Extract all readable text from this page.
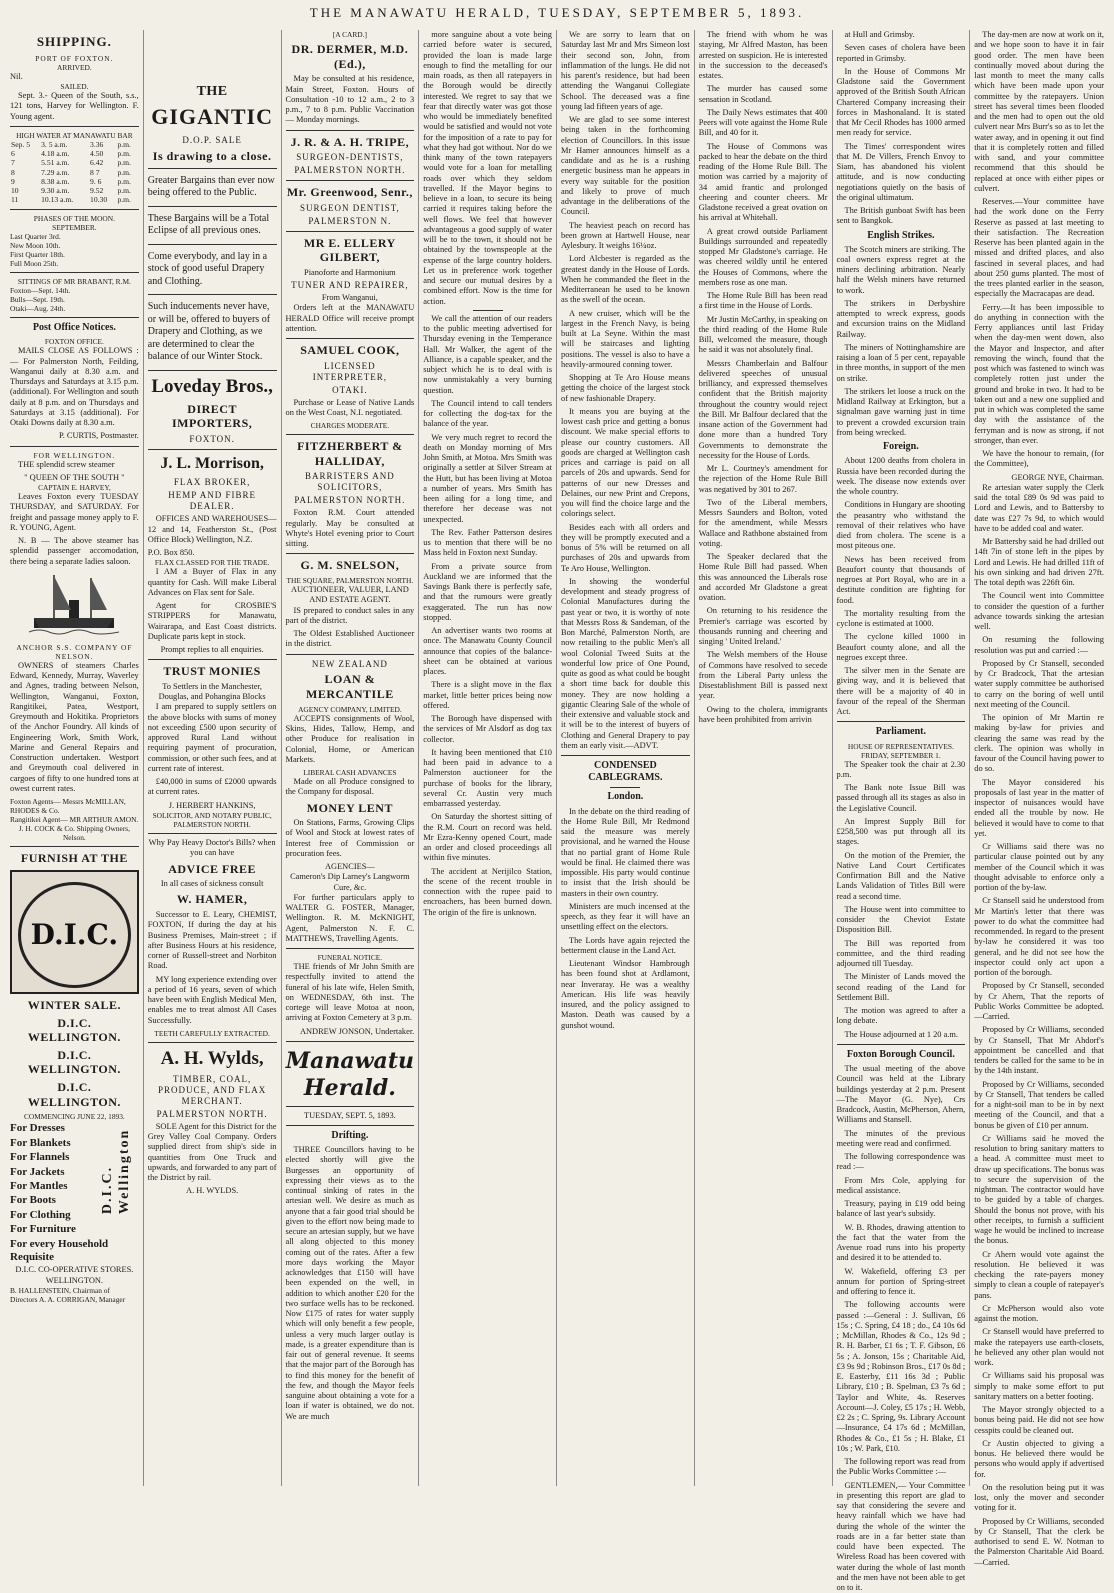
THE MANAWATU HERALD, TUESDAY, SEPTEMBER 5, 1893.
SHIPPING.
PORT OF FOXTON.
ARRIVED.
Nil.
SAILED.

Sept. 3.- Queen of the South, s.s., 121 tons, Harvey for Wellington. F. Young agent.

HIGH WATER AT MANAWATU BAR
Sep. 5	3. 5 a.m.	3.36	p.m.
6	4.18 a.m.	4.50	p.m.
7	5.51 a.m.	6.42	p.m.
8	7.29 a.m.	8 7	p.m.
9	8.38 a.m.	9. 6	p.m.
10	9.30 a.m.	9.52	p.m.
11	10.13 a.m.	10.30	p.m.
PHASES OF THE MOON.
SEPTEMBER.
Last Quarter 3rd.
New Moon 10th.
First Quarter 18th.
Full Moon 25th.
SITTINGS OF MR BRABANT, R.M.
Foxton—Sept. 14th.
Bulls—Sept. 19th.
Otaki—Aug. 24th.
Post Office Notices.
FOXTON OFFICE.

MAILS CLOSE AS FOLLOWS :— For Palmerston North, Feilding, Wanganui daily at 8.30 a.m. and Thursdays and Saturdays at 3.15 p.m. (additional). For Wellington and south daily at 8 p.m. and on Thursdays and Saturdays at 3.15 (additional). For Otaki Downs daily at 8.30 a.m.

P. CURTIS, Postmaster.
FOR WELLINGTON.

THE splendid screw steamer

" QUEEN OF THE SOUTH "
CAPTAIN E. HARVEY,

Leaves Foxton every TUESDAY THURSDAY, and SATURDAY. For freight and passage money apply to F. R. YOUNG, Agent.

N. B — The above steamer has splendid passenger accomodation, there being a separate ladies saloon.

ANCHOR S.S. COMPANY OF NELSON.

OWNERS of steamers Charles Edward, Kennedy, Murray, Waverley and Agnes, trading between Nelson, Wellington, Wanganui, Foxton, Rangitikei, Patea, Westport, Greymouth and Hokitika. Proprietors of the Anchor Foundry. All kinds of Engineering Work, Smith Work, Marine and General Repairs and Construction undertaken. Westport and Greymouth coal delivered in cargoes of fifty to one hundred tons at owest current rates.

Foxton Agents— Messrs McMILLAN, RHODES & Co.
Rangitikei Agent— MR ARTHUR AMON.
J. H. COCK & Co. Shipping Owners, Nelson.
FURNISH AT THE
D.I.C.
WINTER SALE.
D.I.C. WELLINGTON.
D.I.C. WELLINGTON.
D.I.C. WELLINGTON.
COMMENCING JUNE 22, 1893.
For Dresses
For Blankets
For Flannels
For Jackets
For Mantles
For Boots
For Clothing
For Furniture
For every Household Requisite
D.I.C. Wellington
D.I.C. CO-OPERATIVE STORES. WELLINGTON.
B. HALLENSTEIN, Chairman of Directors A. A. CORRIGAN, Manager
THE
GIGANTIC
D.O.P. SALE
Is drawing to a close.
Greater Bargains than ever now being offered to the Public.
These Bargains will be a Total Eclipse of all previous ones.
Come everybody, and lay in a stock of good useful Drapery and Clothing.
Such inducements never have, or will be, offered to buyers of Drapery and Clothing, as we are determined to clear the balance of our Winter Stock.
Loveday Bros.,
DIRECT IMPORTERS,
FOXTON.
J. L. Morrison,
FLAX BROKER,
HEMP AND FIBRE DEALER.

OFFICES AND WAREHOUSES— 12 and 14, Featherston St., (Post Office Block) Wellington, N.Z.

P.O. Box 850.
FLAX CLASSED FOR THE TRADE.

I AM a Buyer of Flax in any quantity for Cash. Will make Liberal Advances on Flax sent for Sale.

Agent for CROSBIE'S STRIPPERS for Manawatu, Wairarapa, and East Coast districts. Duplicate parts kept in stock.

Prompt replies to all enquiries.
TRUST MONIES
To Settlers in the Manchester, Douglas, and Pohangina Blocks

I am prepared to supply settlers on the above blocks with sums of money not exceeding £500 upon security of approved Rural Land without requiring payment of procuration, commission, or other such fees, and at current rate of interest.

£40,000 in sums of £2000 upwards at current rates.

J. HERBERT HANKINS,
SOLICITOR, AND NOTARY PUBLIC, PALMERSTON NORTH.
Why Pay Heavy Doctor's Bills? when you can have
ADVICE FREE
In all cases of sickness consult
W. HAMER,

Successor to E. Leary, CHEMIST, FOXTON, If during the day at his Business Premises, Main-street ; if after Business Hours at his residence, corner of Russell-street and Norbiton Road.

MY long experience extending over a period of 16 years, seven of which have been with English Medical Men, enables me to treat almost All Cases Successfully.

TEETH CAREFULLY EXTRACTED.
A. H. Wylds,
TIMBER, COAL, PRODUCE, AND FLAX MERCHANT.
PALMERSTON NORTH.

SOLE Agent for this District for the Grey Valley Coal Company. Orders supplied direct from ship's side in quantities from One Truck and upwards, and forwarded to any part of the District by rail.

A. H. WYLDS.
[A CARD.]
DR. DERMER, M.D. (Ed.),

May be consulted at his residence, Main Street, Foxton. Hours of Consultation -10 to 12 a.m., 2 to 3 p.m., 7 to 8 p.m. Public Vaccination — Monday mornings.

J. R. & A. H. TRIPE,
SURGEON-DENTISTS,
PALMERSTON NORTH.
Mr. Greenwood, Senr.,
SURGEON DENTIST,
PALMERSTON N.
MR E. ELLERY GILBERT,
Pianoforte and Harmonium
TUNER AND REPAIRER,
From Wanganui,

Orders left at the MANAWATU HERALD Office will receive prompt attention.

SAMUEL COOK,
LICENSED INTERPRETER,
OTAKI.

Purchase or Lease of Native Lands on the West Coast, N.I. negotiated.

CHARGES MODERATE.
FITZHERBERT & HALLIDAY,
BARRISTERS AND SOLICITORS,
PALMERSTON NORTH.

Foxton R.M. Court attended regularly. May be consulted at Whyte's Hotel evening prior to Court sitting.

G. M. SNELSON,
THE SQUARE, PALMERSTON NORTH.
AUCTIONEER, VALUER, LAND AND ESTATE AGENT.

IS prepared to conduct sales in any part of the district.

The Oldest Established Auctioneer in the district.

NEW ZEALAND
LOAN & MERCANTILE
AGENCY COMPANY, LIMITED.

ACCEPTS consignments of Wool, Skins, Hides, Tallow, Hemp, and other Produce for realisation in Colonial, Home, or American Markets.

LIBERAL CASH ADVANCES

Made on all Produce consigned to the Company for disposal.

MONEY LENT

On Stations, Farms, Growing Clips of Wool and Stock at lowest rates of Interest free of Commission or procuration fees.

AGENCIES—
Cameron's Dip Larney's Langworm Cure, &c.

For further particulars apply to WALTER G. FOSTER, Manager, Wellington. R. M. McKNIGHT, Agent, Palmerston N. F. C. MATTHEWS, Travelling Agents.

FUNERAL NOTICE.

THE friends of Mr John Smith are respectfully invited to attend the funeral of his late wife, Helen Smith, on WEDNESDAY, 6th inst. The cortege will leave Motoa at noon, arriving at Foxton Cemetery at 3 p.m.

ANDREW JONSON, Undertaker.
Manawatu Herald.
TUESDAY, SEPT. 5, 1893.
Drifting.

THREE Councillors having to be elected shortly will give the Burgesses an opportunity of expressing their views as to the continual sinking of rates in the artesian well. We desire as much as anyone that a fair good trial should be given to the effort now being made to secure an artesian supply, but we have all along objected to this money coming out of the rates. After a few more days working the Mayor acknowledges that £150 will have been expended on the well, in addition to which another £20 for the two surface wells has to be reckoned. Now £175 of rates for water supply which will only benefit a few people, unless a very much larger outlay is made, is a greater expenditure than is fair out of general revenue. It seems that the major part of the Borough has to find this money for the benefit of the few, and though the Mayor feels sanguine about obtaining a vote for a loan if water is obtained, we do not. We are much

more sanguine about a vote being carried before water is secured, provided the loan is made large enough to find the metalling for our main roads, as then all ratepayers in the Borough would be directly interested. We regret to say that we fear that directly water was got those who would be immediately benefited would be satisfied and would not vote for the imposition of a rate to pay for what they had got without. Nor do we think many of the town ratepayers would vote for a loan for metalling roads over which they seldom travelled. If the Mayor begins to believe in a loan, to secure its being carried it requires taking before the well flows. We feel that however advantageous a good supply of water will be to the town, it should not be obtained by the townspeople at the expense of the large country holders. Let us in preference work together and secure our mutual desires by a combined effort. Now is the time for action.

We call the attention of our readers to the public meeting advertised for Thursday evening in the Temperance Hall. Mr Walker, the agent of the Alliance, is a capable speaker, and the subject which he is to deal with is now unmistakably a very burning question.

The Council intend to call tenders for collecting the dog-tax for the balance of the year.

We very much regret to record the death on Monday morning of Mrs John Smith, at Motoa. Mrs Smith was originally a settler at Silver Stream at the Hutt, but has been living at Motoa a number of years. Mrs Smith has been ailing for a long time, and therefore her decease was not unexpected.

The Rev. Father Patterson desires us to mention that there will be no Mass held in Foxton next Sunday.

From a private source from Auckland we are informed that the Savings Bank there is perfectly safe, and that the rumours were greatly exaggerated. The run has now stopped.

An advertiser wants two rooms at once. The Manawatu County Council announce that copies of the balance-sheet can be obtained at various places.

There is a slight move in the flax market, little better prices being now offered.

The Borough have dispensed with the services of Mr Alsdorf as dog tax collector.

It having been mentioned that £10 had been paid in advance to a Palmerston auctioneer for the purchase of books for the library, several Cr. Austin very much embarrassed yesterday.

On Saturday the shortest sitting of the R.M. Court on record was held. Mr Ezra-Kenny opened Court, made an order and closed proceedings all within five minutes.

The accident at Nerijilco Station, the scene of the recent trouble in connection with the rupee paid to encroachers, has been burned down. The origin of the fire is unknown.

We are sorry to learn that on Saturday last Mr and Mrs Simeon lost their second son, John, from inflammation of the lungs. He did not his parent's residence, but had been attending the Wanganui Collegiate School. The deceased was a fine young lad fifteen years of age.

We are glad to see some interest being taken in the forthcoming election of Councillors. In this issue Mr Hamer announces himself as a candidate and as he is a rushing energetic business man he appears in every way suitable for the position and likely to prove of much advantage in the deliberations of the Council.

The heaviest peach on record has been grown at Hartwell House, near Aylesbury. It weighs 16¼oz.

Lord Alcbester is regarded as the greatest dandy in the House of Lords. When he commanded the fleet in the Mediterranean he used to be known as the swell of the ocean.

A new cruiser, which will be the largest in the French Navy, is being built at La Seyne. Within the mast will be staircases and lighting positions. The vessel is also to have a heavily-armoured conning tower.

Shopping at Te Aro House means getting the choice of the largest stock of new fashionable Drapery.

It means you are buying at the lowest cash price and getting a bonus discount. We make special efforts to please our country customers. All goods are charged at Wellington cash prices and carriage is paid on all parcels of 20s and upwards. Send for patterns of our new Dresses and Delaines, our new Print and Crepons, you will find the choice large and the colorings select.

Besides each with all orders and they will be promptly executed and a bonus of 5% will be returned on all purchases of 20s and upwards from Te Aro House, Wellington.

In showing the wonderful development and steady progress of Colonial Manufactures during the past year or two, it is worthy of note that Messrs Ross & Sandeman, of the Bon Marché, Palmerston North, are now retailing to the public Men's all wool Colonial Tweed Suits at the wonderful low price of One Pound, quite as good as what could be bought a short time back for double this money. They are now holding a gigantic Clearing Sale of the whole of their extensive and valuable stock and it will be to the interest of buyers of Clothing and General Drapery to pay them an early visit.—ADVT.

CONDENSED CABLEGRAMS.
London.

In the debate on the third reading of the Home Rule Bill, Mr Redmond said the measure was merely provisional, and he warned the House that no partial grant of Home Rule would be final. He claimed there was impossible. His party would continue to insist that the Irish should be masters in their own country.

Ministers are much incensed at the speech, as they fear it will have an unsettling effect on the electors.

The Lords have again rejected the betterment clause in the Land Act.

Lieutenant Windsor Hambrough has been found shot at Ardlamont, near Inveraray. He was a wealthy American. His life was heavily insured, and the policy assigned to Maston. Death was caused by a gunshot wound.

The friend with whom he was staying, Mr Alfred Maston, has been arrested on suspicion. He is interested in the succession to the deceased's estates.

The murder has caused some sensation in Scotland.

The Daily News estimates that 400 Peers will vote against the Home Rule Bill, and 40 for it.

The House of Commons was packed to hear the debate on the third reading of the Home Rule Bill. The motion was carried by a majority of 34 amid frantic and prolonged cheering and counter cheers. Mr Gladstone received a great ovation on his arrival at Whitehall.

A great crowd outside Parliament Buildings surrounded and repeatedly stopped Mr Gladstone's carriage. He was cheered wildly until he entered the Houses of Commons, where the members rose as one man.

The Home Rule Bill has been read a first time in the House of Lords.

Mr Justin McCarthy, in speaking on the third reading of the Home Rule Bill, welcomed the measure, though he said it was not absolutely final.

Messrs Chamberlain and Balfour delivered speeches of unusual brilliancy, and expressed themselves confident that the British majority throughout the country would reject the Bill. Mr Balfour declared that the insane action of the Government had done more than a hundred Tory Governments to demonstrate the necessity for the House of Lords.

Mr L. Courtney's amendment for the rejection of the Home Rule Bill was negatived by 301 to 267.

Two of the Liberal members, Messrs Saunders and Bolton, voted for the amendment, while Messrs Wallace and Rathbone abstained from voting.

The Speaker declared that the Home Rule Bill had passed. When this was announced the Liberals rose and accorded Mr Gladstone a great ovation.

On returning to his residence the Premier's carriage was escorted by thousands running and cheering and singing ' United Ireland.'

The Welsh members of the House of Commons have resolved to secede from the Liberal Party unless the Disestablishment Bill is passed next year.

Owing to the cholera, immigrants have been prohibited from arrivin

at Hull and Grimsby.

Seven cases of cholera have been reported in Grimsby.

In the House of Commons Mr Gladstone said the Government approved of the British South African Chartered Company increasing their forces in Mashonaland. It is stated that Mr Cecil Rhodes has 1000 armed men ready for service.

The Times' correspondent wires that M. De Villers, French Envoy to Siam, has abandoned his violent attitude, and is now conducting negotiations quietly on the basis of the original ultimatum.

The British gunboat Swift has been sent to Bangkok.

English Strikes.

The Scotch miners are striking. The coal owners express regret at the miners declining arbitration. Nearly half the Welsh miners have returned to work.

The strikers in Derbyshire attempted to wreck express, goods and excursion trains on the Midland Railway.

The miners of Nottinghamshire are raising a loan of 5 per cent, repayable in three months, in support of the men on strike.

The strikers let loose a truck on the Midland Railway at Erkington, but a signalman gave warning just in time to prevent a crowded excursion train from being wrecked.

Foreign.

About 1200 deaths from cholera in Russia have been recorded during the week. The disease now extends over the whole country.

Conditions in Hungary are shooting the peasantry who withstand the removal of their relatives who have died from cholera. The scene is a most piteous one.

News has been received from Beaufort county that thousands of negroes at Port Royal, who are in a destitute condition are fighting for food.

The mortality resulting from the cyclone is estimated at 1000.

The cyclone killed 1000 in Beaufort county alone, and all the negroes except three.

The silver men in the Senate are giving way, and it is believed that there will be a majority of 40 in favour of the repeal of the Sherman Act.

Parliament.
HOUSE OF REPRESENTATIVES.
FRIDAY, SEPTEMBER 1.

The Speaker took the chair at 2.30 p.m.

The Bank note Issue Bill was passed through all its stages as also in the Legislative Council.

An Imprest Supply Bill for £258,500 was put through all its stages.

On the motion of the Premier, the Native Land Court Certificates Confirmation Bill and the Native Lands Validation of Titles Bill were read a second time.

The House went into committee to consider the Cheviot Estate Disposition Bill.

The Bill was reported from committee, and the third reading adjourned till Tuesday.

The Minister of Lands moved the second reading of the Land for Settlement Bill.

The motion was agreed to after a long debate.

The House adjourned at 1 20 a.m.

Foxton Borough Council.

The usual meeting of the above Council was held at the Library buildings yesterday at 2 p.m. Present—The Mayor (G. Nye), Crs Bradcock, Austin, McPherson, Ahern, Williams and Stansell.

The minutes of the previous meeting were read and confirmed.

The following correspondence was read :—

From Mrs Cole, applying for medical assistance.

Treasury, paying in £19 odd being balance of last year's subsidy.

W. B. Rhodes, drawing attention to the fact that the water from the Avenue road runs into his property and desired it to be attended to.

W. Wakefield, offering £3 per annum for portion of Spring-street and offering to fence it.

The following accounts were passed :—General : J. Sullivan, £6 15s ; C. Spring, £4 18 ; do., £4 10s 6d ; McMillan, Rhodes & Co., 12s 9d ; R. H. Barber, £1 6s ; T. F. Gibson, £6 5s ; A. Jonson, 15s ; Charitable Aid, £3 9s 9d ; Robinson Bros., £17 0s 8d ; E. Easterby, £11 16s 3d ; Public Library, £10 ; B. Spelman, £3 7s 6d ; Taylor and White, 4s. Reserves Account—J. Coley, £5 17s ; H. Webb, £2 2s ; C. Spring, 9s. Library Account—Insurance, £4 17s 6d ; McMillan, Rhodes & Co., £1 5s ; H. Blake, £1 10s ; W. Park, £10.

The following report was read from the Public Works Committee :—

GENTLEMEN,— Your Committee in presenting this report are glad to say that considering the severe and heavy rainfall which we have had during the whole of the winter the roads are in a far better state than could have been expected. The Wireless Road has been covered with water during the whole of last month and the men have not been able to get on to it.

The day-men are now at work on it, and we hope soon to have it in fair good order. The men have been continually moved about during the last month to meet the many calls which have been made upon your committee by the ratepayers. Union street has several times been flooded and the men had to open out the old culvert near Mrs Burr's so as to let the water away, and in opening it out find that it is completely rotten and filled with sand, and your committee recommend that this should be replaced at once with either pipes or culvert.

Reserves.—Your committee have had the work done on the Ferry Reserve as passed at last meeting to their satisfaction. The Recreation Reserve has been planted again in the missed and drifted places, and also fascined in several places, and had about 250 gums planted. The most of the trees planted earlier in the season, especially the Macracapas are dead.

Ferry.—It has been impossible to do anything in connection with the Ferry appliances until last Friday when the day-men went down, also the Mayor and Inspector, and after removing the winch, found that the post which was fastened to winch was completely rotten just under the ground and broke in two. It had to be taken out and a new one supplied and put in which was completed the same day with the assistance of the ferryman and is now as strong, if not stronger, than ever.

We have the honour to remain, (for the Committee),

GEORGE NYE, Chairman.

Re artesian water supply the Clerk said the total £89 0s 9d was paid to Lord and Lewis, and to Battersby to date was £27 7s 9d, to which would have to be added coal and water.

Mr Battersby said he had drilled out 14ft 7in of stone left in the pipes by Lord and Lewis. He had drilled 11ft of his own sinking and had driven 27ft. The total depth was 226ft 6in.

The Council went into Committee to consider the question of a further advance towards sinking the artesian well.

On resuming the following resolution was put and carried :—

Proposed by Cr Stansell, seconded by Cr Bradcock, That the artesian water supply committee be authorised to carry on the boring of well until next meeting of the Council.

The opinion of Mr Martin re making by-law for privies and clearing the same was read by the clerk. The opinion was wholly in favour of the Council having power to do so.

The Mayor considered his proposals of last year in the matter of inspector of nuisances would have ended all the trouble by now. He believed it would have to come to that yet.

Cr Williams said there was no particular clause pointed out by any member of the Council which it was thought advisable to enforce only a portion of the by-law.

Cr Stansell said he understood from Mr Martin's letter that there was power to do what the committee had recommended. In regard to the present by-law he considered it was too general, and he did not see how the inspector could only act upon a portion of the borough.

Proposed by Cr Stansell, seconded by Cr Ahern, That the reports of Public Works Committee be adopted.—Carried.

Proposed by Cr Williams, seconded by Cr Stansell, That Mr Ahdorf's appointment be cancelled and that tenders be called for the same to be in by the 14th instant.

Proposed by Cr Williams, seconded by Cr Stansell, That tenders be called for a night-soil man to be in by next meeting of the Council, and that a bonus be given of £10 per annum.

Cr Williams said he moved the resolution to bring sanitary matters to a head. A committee must meet to draw up specifications. The bonus was to secure the supervision of the nightman. The contractor would have to be guided by a table of charges. Should the bonus not prove, with his other receipts, to furnish a sufficient wage he would be inclined to increase the bonus.

Cr Ahern would vote against the resolution. He believed it was checking the rate-payers money simply to clean a couple of ratepayer's pans.

Cr McPherson would also vote against the motion.

Cr Stansell would have preferred to make the ratepayers use earth-closets, he believed any other plan would not work.

Cr Williams said his proposal was simply to make some effort to put sanitary matters on a better footing.

The Mayor strongly objected to a bonus being paid. He did not see how cesspits could be cleaned out.

Cr Austin objected to giving a bonus. He believed there would be persons who would apply if advertised for.

On the resolution being put it was lost, only the mover and seconder voting for it.

Proposed by Cr Williams, seconded by Cr Stansell, That the clerk be authorised to send E. W. Notman to the Palmerston Charitable Aid Board.—Carried.
